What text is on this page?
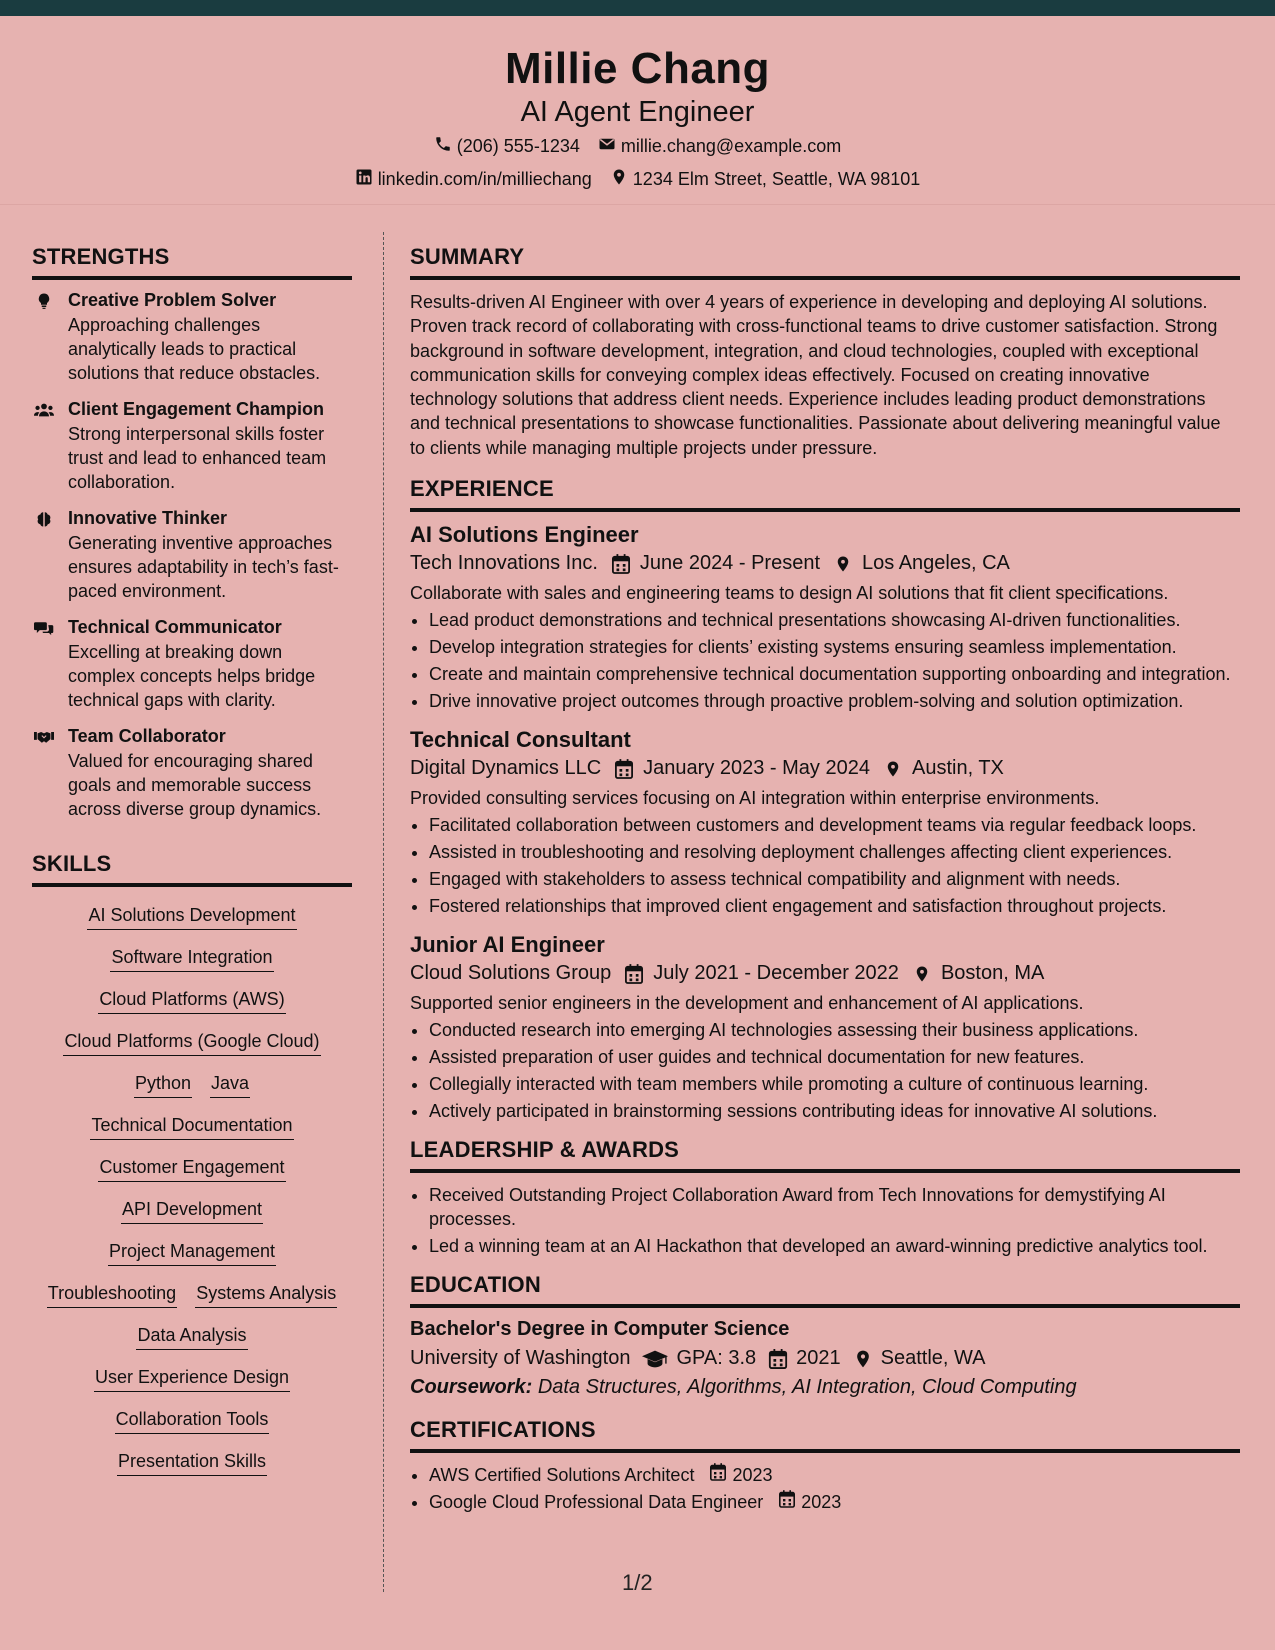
Millie Chang
AI Agent Engineer
(206) 555-1234 millie.chang@example.com
linkedin.com/in/milliechang 1234 Elm Street, Seattle, WA 98101
STRENGTHS
Creative Problem Solver
Approaching challenges analytically leads to practical solutions that reduce obstacles.
Client Engagement Champion
Strong interpersonal skills foster trust and lead to enhanced team collaboration.
Innovative Thinker
Generating inventive approaches ensures adaptability in tech’s fast-paced environment.
Technical Communicator
Excelling at breaking down complex concepts helps bridge technical gaps with clarity.
Team Collaborator
Valued for encouraging shared goals and memorable success across diverse group dynamics.
SKILLS
AI Solutions Development
Software Integration
Cloud Platforms (AWS)
Cloud Platforms (Google Cloud)
Python Java
Technical Documentation
Customer Engagement
API Development
Project Management
Troubleshooting Systems Analysis
Data Analysis
User Experience Design
Collaboration Tools
Presentation Skills
SUMMARY
Results-driven AI Engineer with over 4 years of experience in developing and deploying AI solutions. Proven track record of collaborating with cross-functional teams to drive customer satisfaction. Strong background in software development, integration, and cloud technologies, coupled with exceptional communication skills for conveying complex ideas effectively. Focused on creating innovative technology solutions that address client needs. Experience includes leading product demonstrations and technical presentations to showcase functionalities. Passionate about delivering meaningful value to clients while managing multiple projects under pressure.
EXPERIENCE
AI Solutions Engineer
Tech Innovations Inc. June 2024 - Present Los Angeles, CA
Collaborate with sales and engineering teams to design AI solutions that fit client specifications.
• Lead product demonstrations and technical presentations showcasing AI-driven functionalities.
• Develop integration strategies for clients’ existing systems ensuring seamless implementation.
• Create and maintain comprehensive technical documentation supporting onboarding and integration.
• Drive innovative project outcomes through proactive problem-solving and solution optimization.
Technical Consultant
Digital Dynamics LLC January 2023 - May 2024 Austin, TX
Provided consulting services focusing on AI integration within enterprise environments.
• Facilitated collaboration between customers and development teams via regular feedback loops.
• Assisted in troubleshooting and resolving deployment challenges affecting client experiences.
• Engaged with stakeholders to assess technical compatibility and alignment with needs.
• Fostered relationships that improved client engagement and satisfaction throughout projects.
Junior AI Engineer
Cloud Solutions Group July 2021 - December 2022 Boston, MA
Supported senior engineers in the development and enhancement of AI applications.
• Conducted research into emerging AI technologies assessing their business applications.
• Assisted preparation of user guides and technical documentation for new features.
• Collegially interacted with team members while promoting a culture of continuous learning.
• Actively participated in brainstorming sessions contributing ideas for innovative AI solutions.
LEADERSHIP & AWARDS
• Received Outstanding Project Collaboration Award from Tech Innovations for demystifying AI processes.
• Led a winning team at an AI Hackathon that developed an award-winning predictive analytics tool.
EDUCATION
Bachelor's Degree in Computer Science
University of Washington GPA: 3.8 2021 Seattle, WA
Coursework: Data Structures, Algorithms, AI Integration, Cloud Computing
CERTIFICATIONS
• AWS Certified Solutions Architect 2023
• Google Cloud Professional Data Engineer 2023
1/2
